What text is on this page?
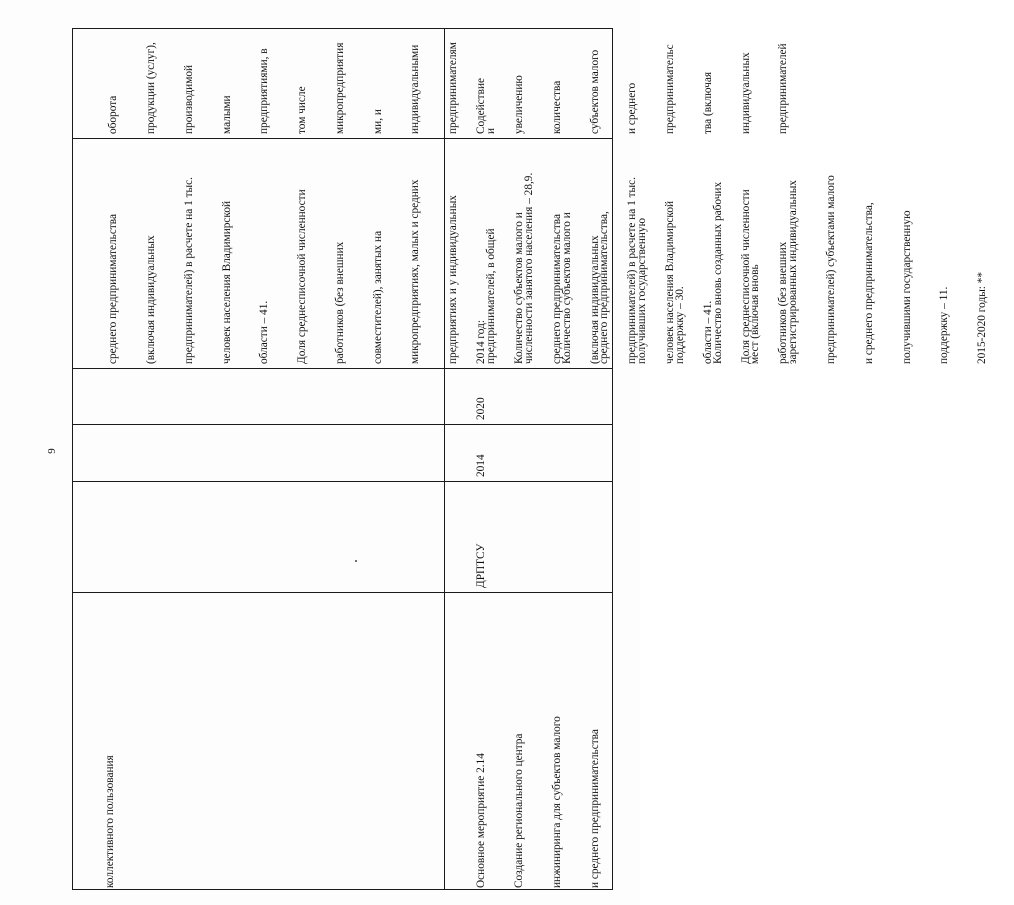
9

коллективного пользования

среднего предпринимательства

(включая индивидуальных

предпринимателей) в расчете на 1 тыс.

человек населения Владимирской

области – 41.

Доля среднесписочной численности

работников (без внешних

совместителей), занятых на

микропредприятиях, малых и средних

предприятиях и у индивидуальных

предпринимателей, в общей

численности занятого населения – 28,9.

Количество субъектов малого и

среднего предпринимательства,

получивших государственную

поддержку – 30.

Количество вновь созданных рабочих

мест (включая вновь

зарегистрированных индивидуальных

предпринимателей) субъектами малого

и среднего предпринимательства,

получившими государственную

поддержку – 11.

2015-2020 годы: **

оборота

продукции (услуг),

производимой

малыми

предприятиями, в

том числе

микропредприятия

ми, и

индивидуальными

предпринимателям

и

Основное мероприятие 2.14

Создание регионального центра

инжиниринга для субъектов малого

и среднего предпринимательства

ДРПТСУ

2014

2020

2014 год:

Количество субъектов малого и

среднего предпринимательства

(включая индивидуальных

предпринимателей) в расчете на 1 тыс.

человек населения Владимирской

области – 41.

Доля среднесписочной численности

работников (без внешних

Содействие

увеличению

количества

субъектов малого

и среднего

предпринимательс

тва (включая

индивидуальных

предпринимателей
